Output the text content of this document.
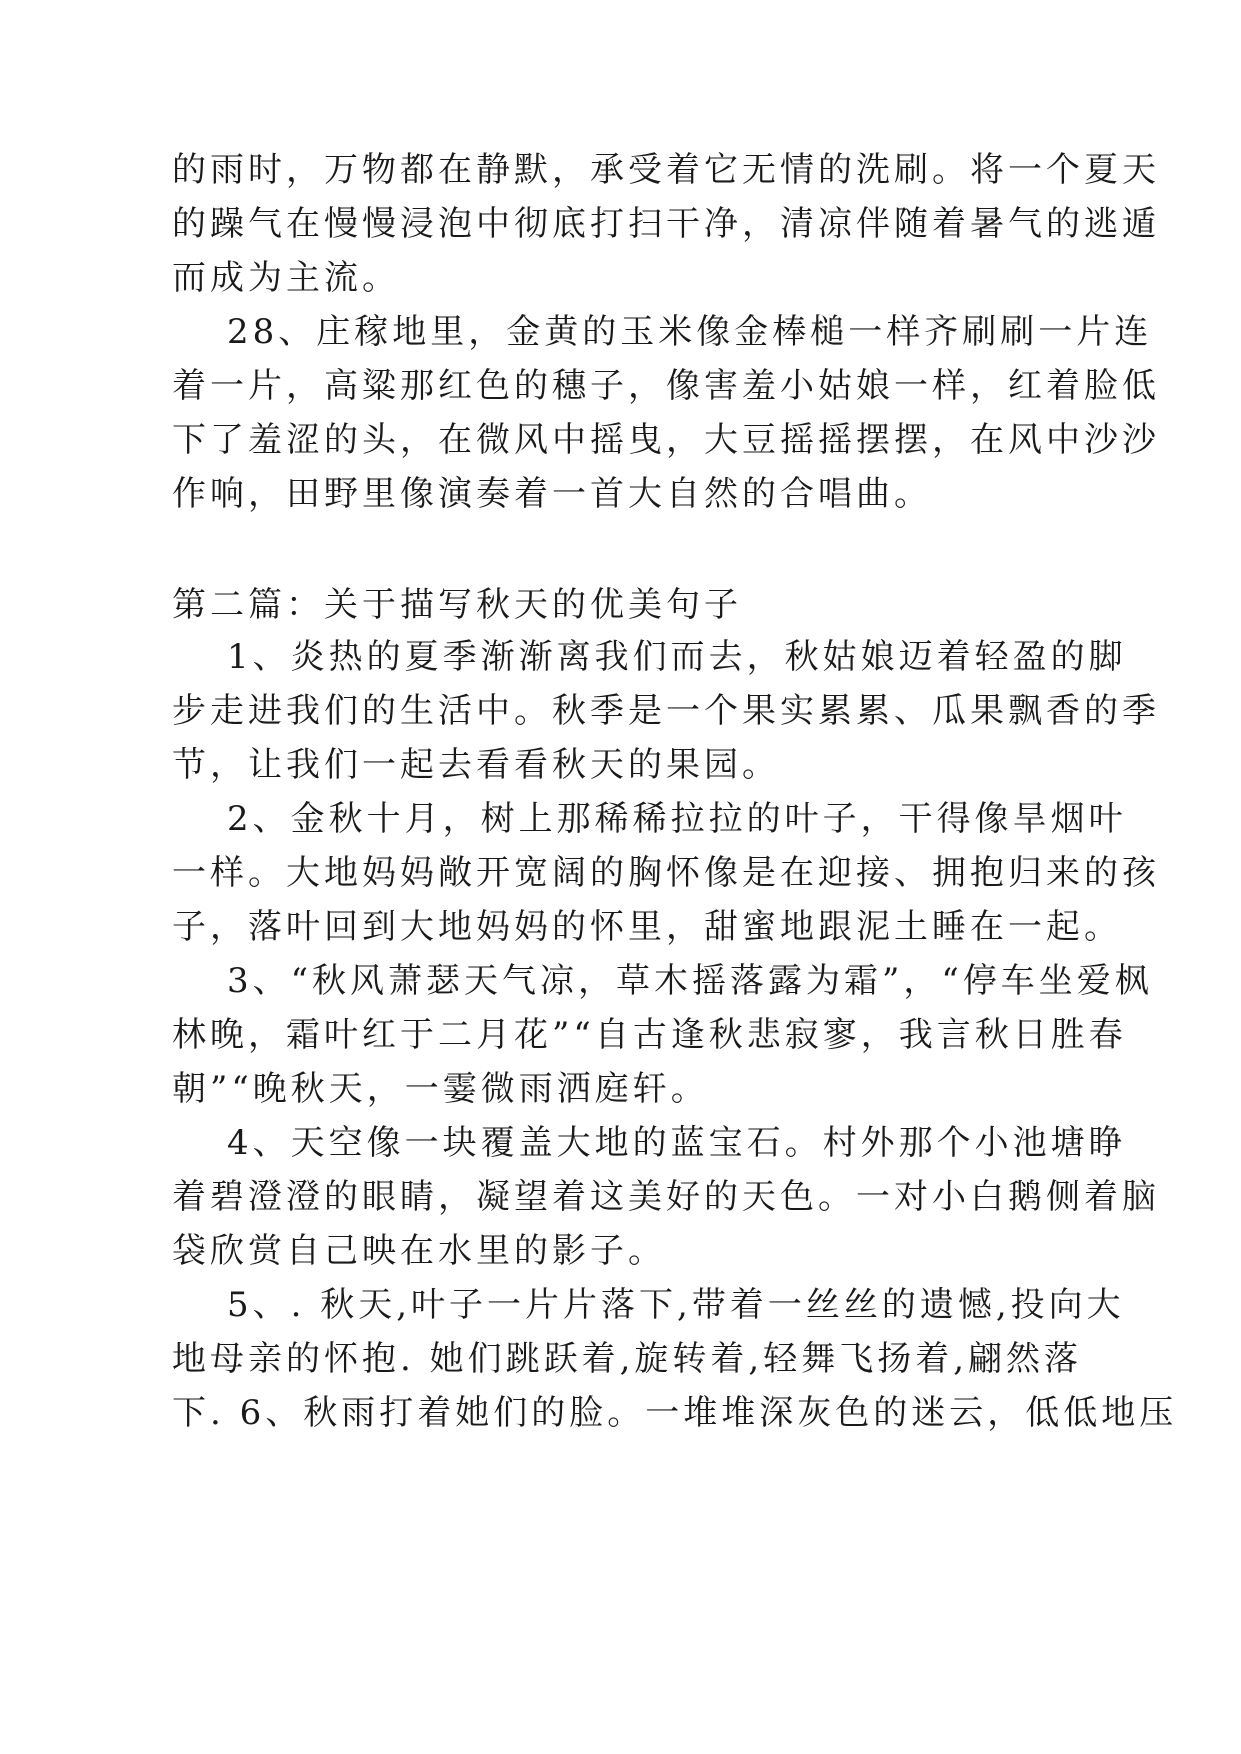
的雨时，万物都在静默，承受着它无情的洗刷。将一个夏天
的躁气在慢慢浸泡中彻底打扫干净，清凉伴随着暑气的逃遁
而成为主流。
28、庄稼地里，金黄的玉米像金棒槌一样齐刷刷一片连
着一片，高粱那红色的穗子，像害羞小姑娘一样，红着脸低
下了羞涩的头，在微风中摇曳，大豆摇摇摆摆，在风中沙沙
作响，田野里像演奏着一首大自然的合唱曲。
第二篇：关于描写秋天的优美句子
1、炎热的夏季渐渐离我们而去，秋姑娘迈着轻盈的脚
步走进我们的生活中。秋季是一个果实累累、瓜果飘香的季
节，让我们一起去看看秋天的果园。
2、金秋十月，树上那稀稀拉拉的叶子，干得像旱烟叶
一样。大地妈妈敞开宽阔的胸怀像是在迎接、拥抱归来的孩
子，落叶回到大地妈妈的怀里，甜蜜地跟泥土睡在一起。
3、“秋风萧瑟天气凉，草木摇落露为霜”，“停车坐爱枫
林晚，霜叶红于二月花”“自古逢秋悲寂寥，我言秋日胜春
朝”“晚秋天，一霎微雨洒庭轩。
4、天空像一块覆盖大地的蓝宝石。村外那个小池塘睁
着碧澄澄的眼睛，凝望着这美好的天色。一对小白鹅侧着脑
袋欣赏自己映在水里的影子。
5、. 秋天,叶子一片片落下,带着一丝丝的遗憾,投向大
地母亲的怀抱. 她们跳跃着,旋转着,轻舞飞扬着,翩然落
下. 6、秋雨打着她们的脸。一堆堆深灰色的迷云，低低地压
